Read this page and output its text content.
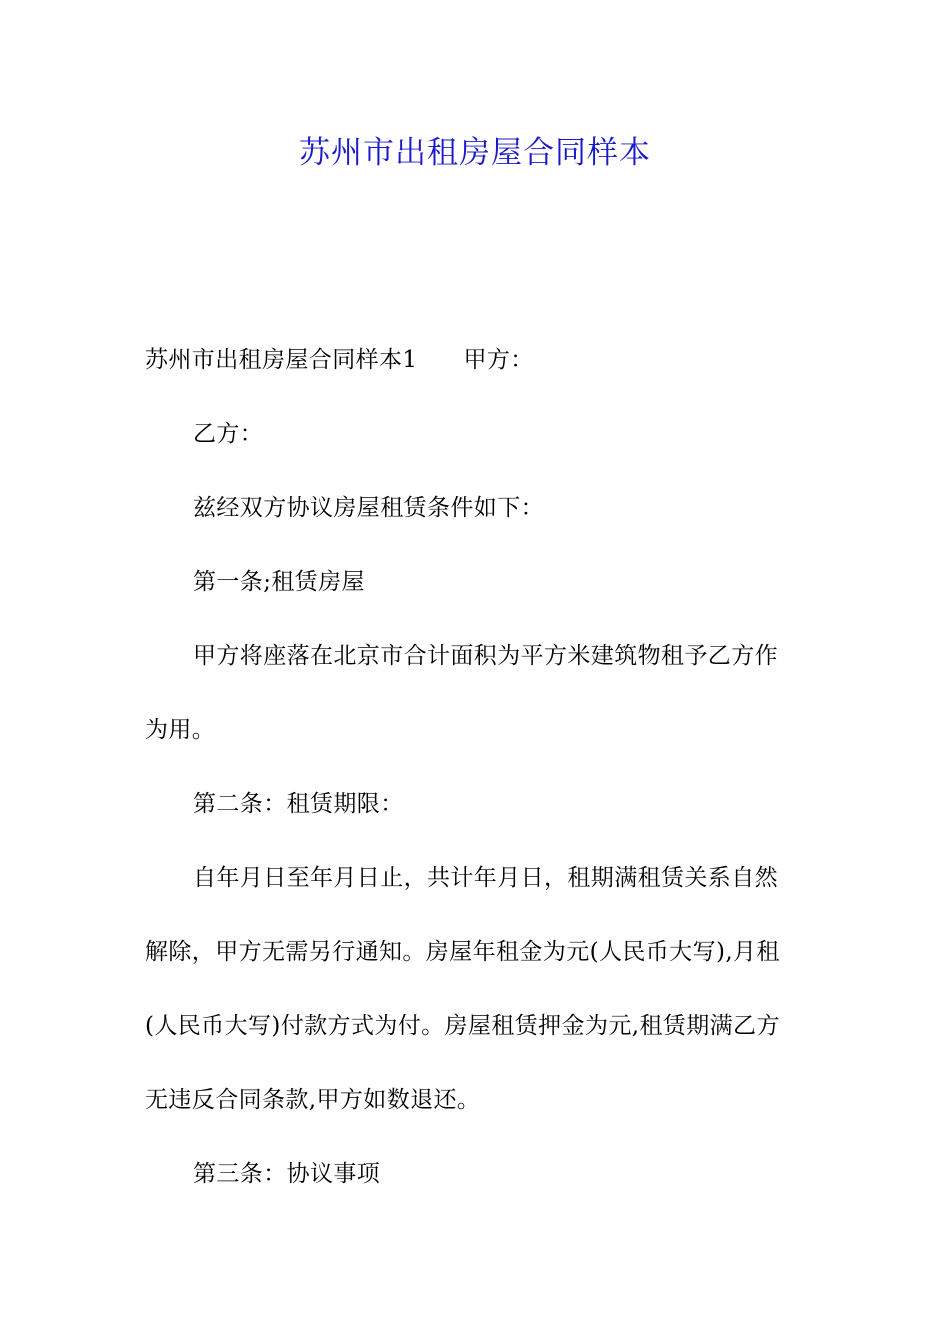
苏州市出租房屋合同样本

苏州市出租房屋合同样本1 甲方：

乙方：

兹经双方协议房屋租赁条件如下：

第一条;租赁房屋

甲方将座落在北京市合计面积为平方米建筑物租予乙方作

为用。

第二条：租赁期限：

自年月日至年月日止，共计年月日，租期满租赁关系自然

解除，甲方无需另行通知。房屋年租金为元(人民币大写),月租

(人民币大写)付款方式为付。房屋租赁押金为元,租赁期满乙方

无违反合同条款,甲方如数退还。

第三条：协议事项
